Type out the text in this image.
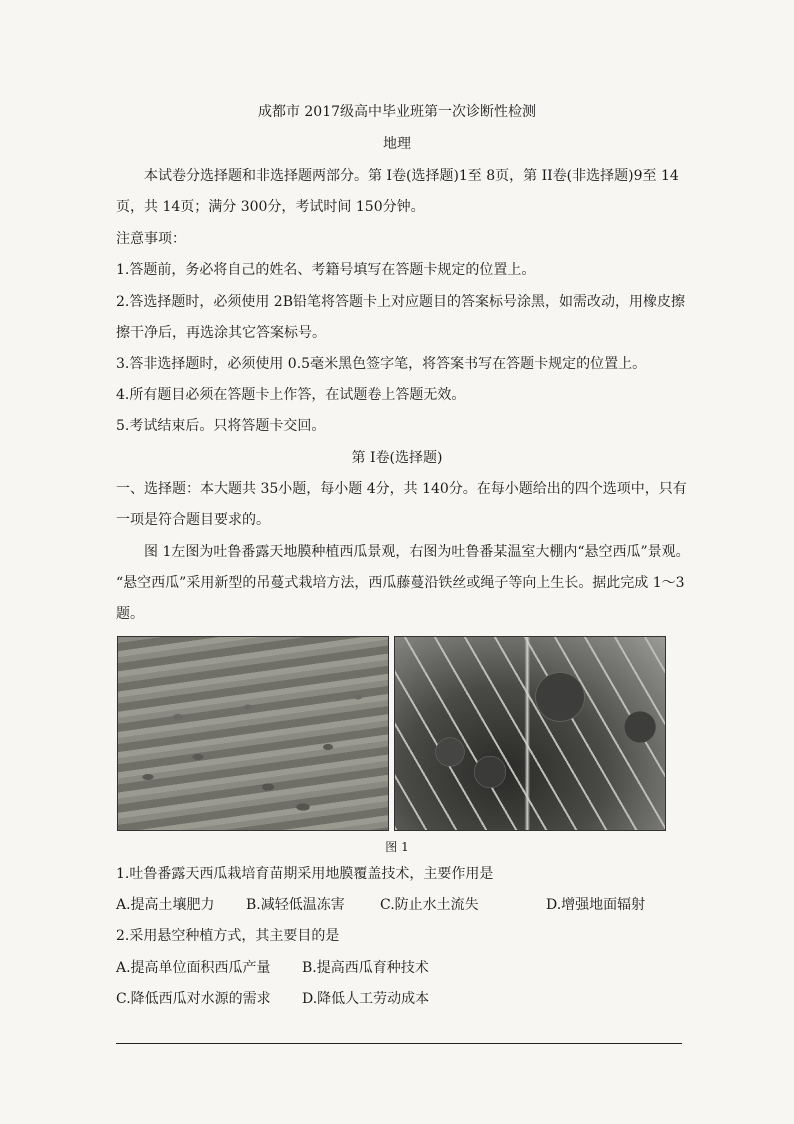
成都市 2017级高中毕业班第一次诊断性检测
地理
本试卷分选择题和非选择题两部分。第 I卷(选择题)1至 8页，第 II卷(非选择题)9至 14
页，共 14页；满分 300分，考试时间 150分钟。
注意事项：
1.答题前，务必将自己的姓名、考籍号填写在答题卡规定的位置上。
2.答选择题时，必须使用 2B铅笔将答题卡上对应题目的答案标号涂黑，如需改动，用橡皮擦
擦干净后，再选涂其它答案标号。
3.答非选择题时，必须使用 0.5毫米黑色签字笔，将答案书写在答题卡规定的位置上。
4.所有题目必须在答题卡上作答，在试题卷上答题无效。
5.考试结束后。只将答题卡交回。
第 I卷(选择题)
一、选择题：本大题共 35小题，每小题 4分，共 140分。在每小题给出的四个选项中，只有
一项是符合题目要求的。
图 1左图为吐鲁番露天地膜种植西瓜景观，右图为吐鲁番某温室大棚内“悬空西瓜”景观。
“悬空西瓜”采用新型的吊蔓式栽培方法，西瓜藤蔓沿铁丝或绳子等向上生长。据此完成 1～3
题。
图 1
1.吐鲁番露天西瓜栽培育苗期采用地膜覆盖技术，主要作用是
A.提高土壤肥力 B.减轻低温冻害	C.防止水土流失	D.增强地面辐射
2.采用悬空种植方式，其主要目的是
A.提高单位面积西瓜产量 B.提高西瓜育种技术
C.降低西瓜对水源的需求 D.降低人工劳动成本
